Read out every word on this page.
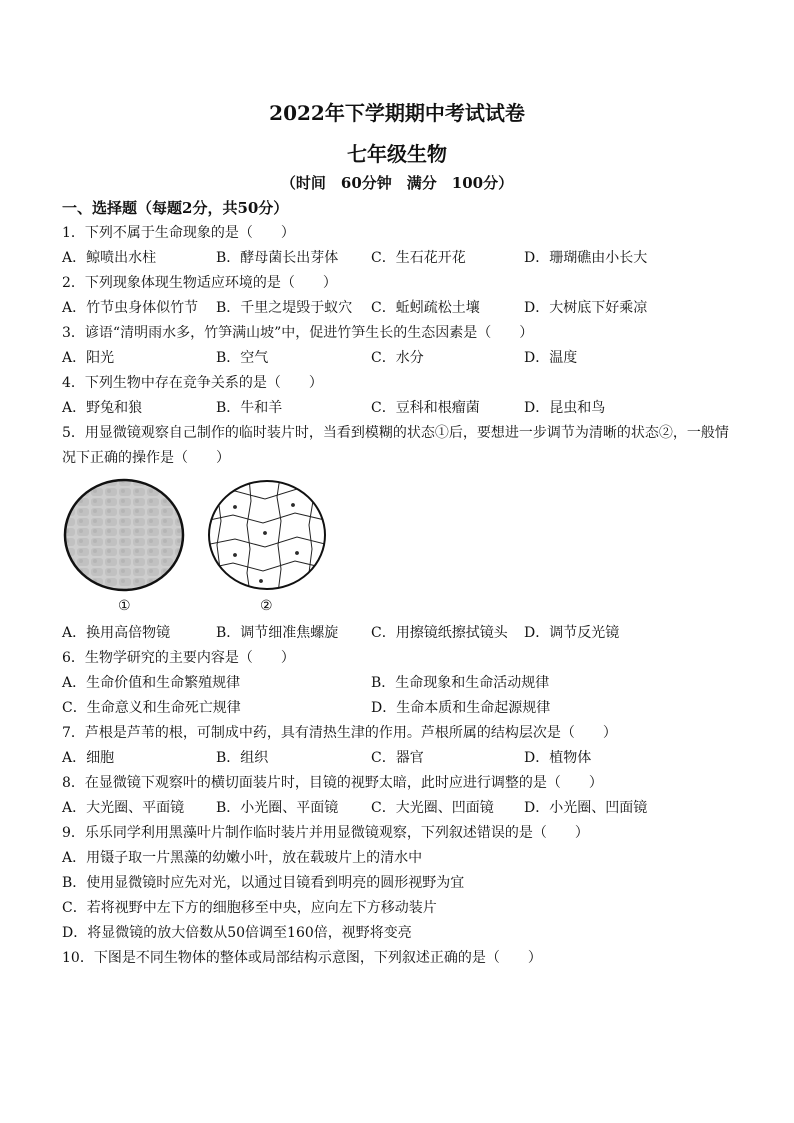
2022年下学期期中考试试卷
七年级生物
（时间　60分钟　满分　100分）
一、选择题（每题2分，共50分）
1．下列不属于生命现象的是（　　）
A．鲸喷出水柱	B．酵母菌长出芽体 C．生石花开花	D．珊瑚礁由小长大
2．下列现象体现生物适应环境的是（　　）
A．竹节虫身体似竹节 B．千里之堤毁于蚁穴 C．蚯蚓疏松土壤	D．大树底下好乘凉
3．谚语“清明雨水多，竹笋满山坡”中，促进竹笋生长的生态因素是（　　）
A．阳光	B．空气	C．水分	D．温度
4．下列生物中存在竞争关系的是（　　）
A．野兔和狼	B．牛和羊	C．豆科和根瘤菌	D．昆虫和鸟
5．用显微镜观察自己制作的临时装片时，当看到模糊的状态①后，要想进一步调节为清晰的状态②，一般情
况下正确的操作是（　　）
①	②
A．换用高倍物镜	B．调节细准焦螺旋 C．用擦镜纸擦拭镜头 D．调节反光镜
6．生物学研究的主要内容是（　　）
A．生命价值和生命繁殖规律	B．生命现象和生命活动规律
C．生命意义和生命死亡规律	D．生命本质和生命起源规律
7．芦根是芦苇的根，可制成中药，具有清热生津的作用。芦根所属的结构层次是（　　）
A．细胞	B．组织	C．器官	D．植物体
8．在显微镜下观察叶的横切面装片时，目镜的视野太暗，此时应进行调整的是（　　）
A．大光圈、平面镜 B．小光圈、平面镜 C．大光圈、凹面镜 D．小光圈、凹面镜
9．乐乐同学利用黑藻叶片制作临时装片并用显微镜观察，下列叙述错误的是（　　）
A．用镊子取一片黑藻的幼嫩小叶，放在载玻片上的清水中
B．使用显微镜时应先对光，以通过目镜看到明亮的圆形视野为宜
C．若将视野中左下方的细胞移至中央，应向左下方移动装片
D．将显微镜的放大倍数从50倍调至160倍，视野将变亮
10．下图是不同生物体的整体或局部结构示意图，下列叙述正确的是（　　）
